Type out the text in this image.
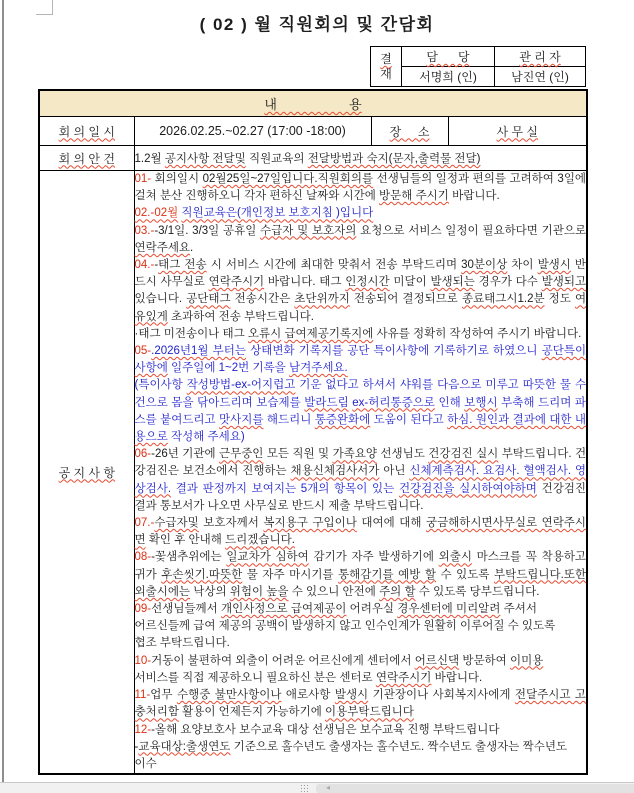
( 02 ) 월 직원회의 및 간담회
결
재	담      당	관 리 자
	서명희 (인)	남진연 (인)
내                    용			
회 의 일 시	2026.02.25.~02.27 (17:00 -18:00)	장     소	사 무 실
회 의 안 건	1.2월 공지사항 전달및 직원교육의 전달방법과 숙지(문자,출력물 전달)		
공 지 사 항	
01- 회의일시 02월25일~27일입니다.직원회의를 선생님들의 일정과 편의를 고려하여 3일에 걸쳐 분산 진행하오니 각자 편하신 날짜와 시간에 방문해 주시기 바랍니다.
02.-02월 직원교육은(개인정보 보호지침 )입니다
03.--3/1일. 3/3일 공휴일 수급자 및 보호자의 요청으로 서비스 일정이 필요하다면 기관으로 연락주세요.
04.--태그 전송 시 서비스 시간에 최대한 맞춰서 전송 부탁드리며 30분이상 차이 발생시 반드시 사무실로 연락주시기 바랍니다. 태그 인정시간 미달이 발생되는 경우가 다수 발생되고 있습니다. 공단태그 전송시간은 초단위까지 전송되어 결정되므로 종료태그시1.2분 정도 여유있게 초과하여 전송 부탁드립니다.
·태그 미전송이나 태그 오류시 급여제공기록지에 사유를 정확히 작성하여 주시기 바랍니다.
05-.2026년1월 부터는 상태변화 기록지를 공단 특이사항에 기록하기로 하였으니 공단특이사항에 일주일에 1~2번 기록을 남겨주세요.
(특이사항 작성방법-ex-어지럽고 기운 없다고 하셔서 샤워를 다음으로 미루고 따뜻한 물 수건으로 몸을 닦아드리며 보습제를 발라드림 ex-허리통증으로 인해 보행시 부축해 드리며 파스를 붙여드리고 맛사지를 해드리니 통증완화에 도움이 된다고 하심. 원인과 결과에 대한 내용으로 작성해 주세요)
06--26년 기관에 근무중인 모든 직원 및 가족요양 선생님도 건강검진 실시 부탁드립니다. 건강검진은 보건소에서 진행하는 채용신체검사서가 아닌 신체계측검사. 요검사. 혈액검사. 영상검사. 결과 판정까지 보여지는 5개의 항목이 있는 건강검진을 실시하여야하며 건강검진 결과 통보서가 나오면 사무실로 반드시 제출 부탁드립니다.
07.-수급자및 보호자께서 복지용구 구입이나 대여에 대해 궁금해하시면사무실로 연락주시면 확인 후 안내해 드리겠습니다.
08--꽃샘추위에는 일교차가 심하여 감기가 자주 발생하기에 외출시 마스크를 꼭 착용하고 귀가 후손씻기.따뜻한 물 자주 마시기를 통해감기를 예방 할 수 있도록 부탁드립니다.또한 외출시에는 낙상의 위험이 높을 수 있으니 안전에 주의 할 수 있도록 당부드립니다.
09-선생님들께서 개인사정으로 급여제공이 어려우실 경우센터에 미리알려 주셔서
어르신들께 급여 제공의 공백이 발생하지 않고 인수인계가 원활히 이루어질 수 있도록
협조 부탁드립니다.
10-거동이 불편하여 외출이 어려운 어르신에게 센터에서 어르신댁 방문하여 이미용
서비스를 직접 제공하오니 필요하신 분은 센터로 연락주시기 바랍니다.
11-업무 수행중 불만사항이나 애로사항 발생시 기관장이나 사회복지사에게 전달주시고 고충처리함 활용이 언제든지 가능하기에 이용부탁드립니다
12--올해 요양보호사 보수교육 대상 선생님은 보수교육 진행 부탁드립니다
-교육대상:출생연도 기준으로 홀수년도 출생자는 홀수년도. 짝수년도 출생자는 짝수년도
이수
◂
